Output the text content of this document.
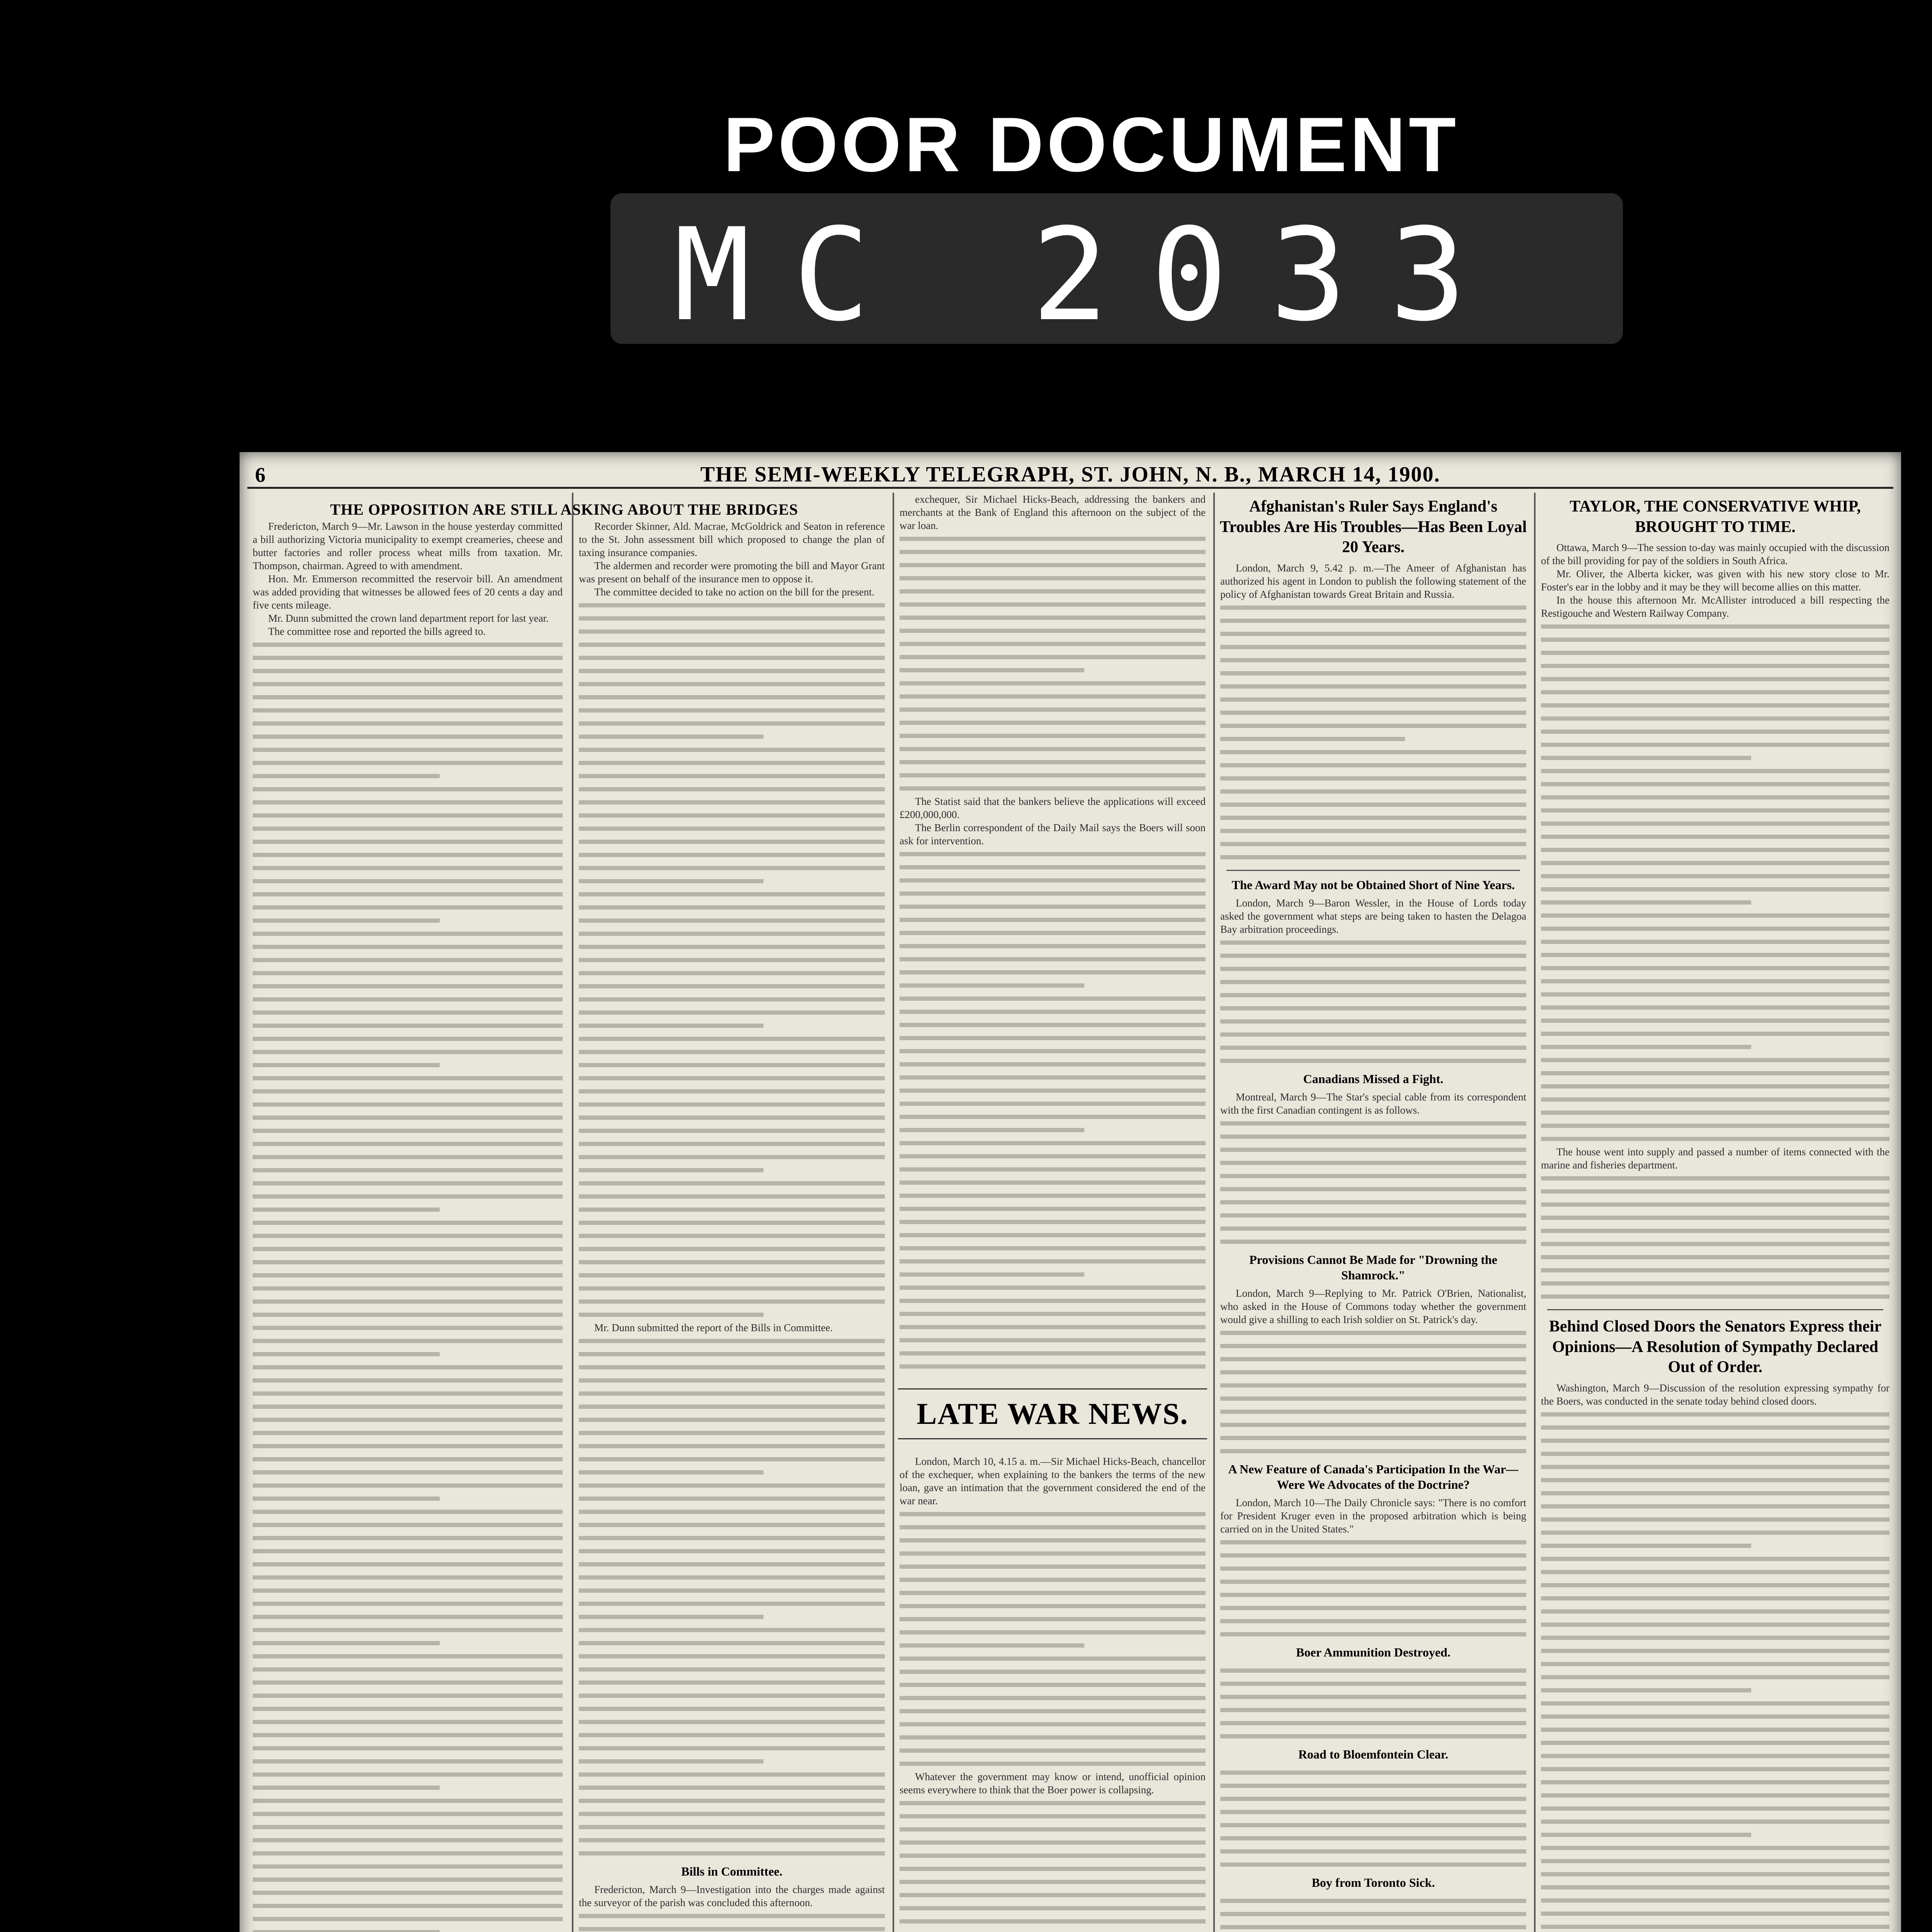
POOR DOCUMENT
MC 2033
6	THE SEMI-WEEKLY TELEGRAPH, ST. JOHN, N. B., MARCH 14, 1900.
THE OPPOSITION ARE STILL ASKING ABOUT THE BRIDGES

Fredericton, March 9—Mr. Lawson in the house yesterday committed a bill authorizing Victoria municipality to exempt creameries, cheese and butter factories and roller process wheat mills from taxation. Mr. Thompson, chairman. Agreed to with amendment.

Hon. Mr. Emmerson recommitted the reservoir bill. An amendment was added providing that witnesses be allowed fees of 20 cents a day and five cents mileage.

Mr. Dunn submitted the crown land department report for last year.

The committee rose and reported the bills agreed to.

Recorder Skinner, Ald. Macrae, McGoldrick and Seaton in reference to the St. John assessment bill which proposed to change the plan of taxing insurance companies.

The aldermen and recorder were promoting the bill and Mayor Grant was present on behalf of the insurance men to oppose it.

The committee decided to take no action on the bill for the present.

Mr. Dunn submitted the report of the Bills in Committee.

Bills in Committee.

Fredericton, March 9—Investigation into the charges made against the surveyor of the parish was concluded this afternoon.

exchequer, Sir Michael Hicks-Beach, addressing the bankers and merchants at the Bank of England this afternoon on the subject of the war loan.

The Statist said that the bankers believe the applications will exceed £200,000,000.

The Berlin correspondent of the Daily Mail says the Boers will soon ask for intervention.

LATE WAR NEWS.

London, March 10, 4.15 a. m.—Sir Michael Hicks-Beach, chancellor of the exchequer, when explaining to the bankers the terms of the new loan, gave an intimation that the government considered the end of the war near.

Whatever the government may know or intend, unofficial opinion seems everywhere to think that the Boer power is collapsing.

Afghanistan's Ruler Says England's Troubles Are His Troubles—Has Been Loyal 20 Years.

London, March 9, 5.42 p. m.—The Ameer of Afghanistan has authorized his agent in London to publish the following statement of the policy of Afghanistan towards Great Britain and Russia.

The Award May not be Obtained Short of Nine Years.

London, March 9—Baron Wessler, in the House of Lords today asked the government what steps are being taken to hasten the Delagoa Bay arbitration proceedings.

Canadians Missed a Fight.

Montreal, March 9—The Star's special cable from its correspondent with the first Canadian contingent is as follows.

Provisions Cannot Be Made for "Drowning the Shamrock."

London, March 9—Replying to Mr. Patrick O'Brien, Nationalist, who asked in the House of Commons today whether the government would give a shilling to each Irish soldier on St. Patrick's day.

A New Feature of Canada's Participation In the War—Were We Advocates of the Doctrine?

London, March 10—The Daily Chronicle says: "There is no comfort for President Kruger even in the proposed arbitration which is being carried on in the United States."

Boer Ammunition Destroyed.
Road to Bloemfontein Clear.
Boy from Toronto Sick.
TAYLOR, THE CONSERVATIVE WHIP, BROUGHT TO TIME.

Ottawa, March 9—The session to-day was mainly occupied with the discussion of the bill providing for pay of the soldiers in South Africa.

Mr. Oliver, the Alberta kicker, was given with his new story close to Mr. Foster's ear in the lobby and it may be they will become allies on this matter.

In the house this afternoon Mr. McAllister introduced a bill respecting the Restigouche and Western Railway Company.

The house went into supply and passed a number of items connected with the marine and fisheries department.

Behind Closed Doors the Senators Express their Opinions—A Resolution of Sympathy Declared Out of Order.

Washington, March 9—Discussion of the resolution expressing sympathy for the Boers, was conducted in the senate today behind closed doors.
